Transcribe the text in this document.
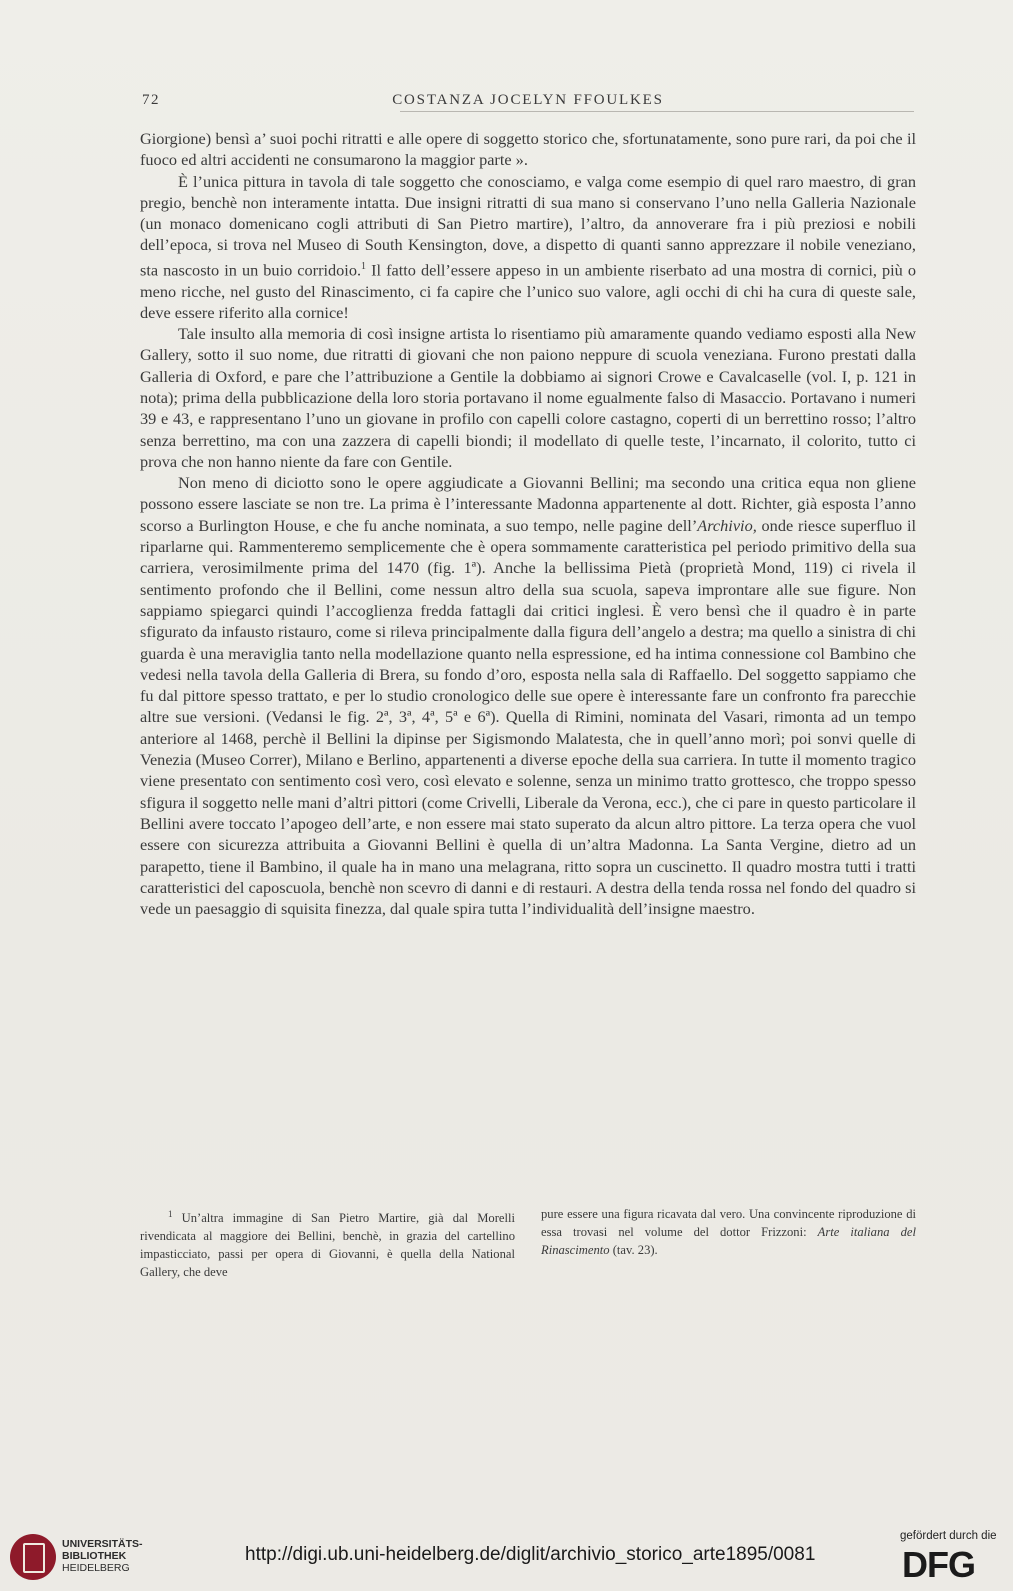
72	COSTANZA JOCELYN FFOULKES

Giorgione) bensì a’ suoi pochi ritratti e alle opere di soggetto storico che, sfortunatamente, sono pure rari, da poi che il fuoco ed altri accidenti ne consumarono la maggior parte ».

È l’unica pittura in tavola di tale soggetto che conosciamo, e valga come esempio di quel raro maestro, di gran pregio, benchè non interamente intatta. Due insigni ritratti di sua mano si conservano l’uno nella Galleria Nazionale (un monaco domenicano cogli attributi di San Pietro martire), l’altro, da annoverare fra i più preziosi e nobili dell’epoca, si trova nel Museo di South Kensington, dove, a dispetto di quanti sanno apprezzare il nobile veneziano, sta nascosto in un buio corridoio.$^1$ Il fatto dell’essere appeso in un ambiente riserbato ad una mostra di cornici, più o meno ricche, nel gusto del Rinascimento, ci fa capire che l’unico suo valore, agli occhi di chi ha cura di queste sale, deve essere riferito alla cornice!

Tale insulto alla memoria di così insigne artista lo risentiamo più amaramente quando vediamo esposti alla New Gallery, sotto il suo nome, due ritratti di giovani che non paiono neppure di scuola veneziana. Furono prestati dalla Galleria di Oxford, e pare che l’attribuzione a Gentile la dobbiamo ai signori Crowe e Cavalcaselle (vol. I, p. 121 in nota); prima della pubblicazione della loro storia portavano il nome egualmente falso di Masaccio. Portavano i numeri 39 e 43, e rappresentano l’uno un giovane in profilo con capelli colore castagno, coperti di un berrettino rosso; l’altro senza berrettino, ma con una zazzera di capelli biondi; il modellato di quelle teste, l’incarnato, il colorito, tutto ci prova che non hanno niente da fare con Gentile.

Non meno di diciotto sono le opere aggiudicate a Giovanni Bellini; ma secondo una critica equa non gliene possono essere lasciate se non tre. La prima è l’interessante Madonna appartenente al dott. Richter, già esposta l’anno scorso a Burlington House, e che fu anche nominata, a suo tempo, nelle pagine dell’Archivio, onde riesce superfluo il riparlarne qui. Rammenteremo semplicemente che è opera sommamente caratteristica pel periodo primitivo della sua carriera, verosimilmente prima del 1470 (fig. 1ª). Anche la bellissima Pietà (proprietà Mond, 119) ci rivela il sentimento profondo che il Bellini, come nessun altro della sua scuola, sapeva improntare alle sue figure. Non sappiamo spiegarci quindi l’accoglienza fredda fattagli dai critici inglesi. È vero bensì che il quadro è in parte sfigurato da infausto ristauro, come si rileva principalmente dalla figura dell’angelo a destra; ma quello a sinistra di chi guarda è una meraviglia tanto nella modellazione quanto nella espressione, ed ha intima connessione col Bambino che vedesi nella tavola della Galleria di Brera, su fondo d’oro, esposta nella sala di Raffaello. Del soggetto sappiamo che fu dal pittore spesso trattato, e per lo studio cronologico delle sue opere è interessante fare un confronto fra parecchie altre sue versioni. (Vedansi le fig. 2ª, 3ª, 4ª, 5ª e 6ª). Quella di Rimini, nominata del Vasari, rimonta ad un tempo anteriore al 1468, perchè il Bellini la dipinse per Sigismondo Malatesta, che in quell’anno morì; poi sonvi quelle di Venezia (Museo Correr), Milano e Berlino, appartenenti a diverse epoche della sua carriera. In tutte il momento tragico viene presentato con sentimento così vero, così elevato e solenne, senza un minimo tratto grottesco, che troppo spesso sfigura il soggetto nelle mani d’altri pittori (come Crivelli, Liberale da Verona, ecc.), che ci pare in questo particolare il Bellini avere toccato l’apogeo dell’arte, e non essere mai stato superato da alcun altro pittore. La terza opera che vuol essere con sicurezza attribuita a Giovanni Bellini è quella di un’altra Madonna. La Santa Vergine, dietro ad un parapetto, tiene il Bambino, il quale ha in mano una melagrana, ritto sopra un cuscinetto. Il quadro mostra tutti i tratti caratteristici del caposcuola, benchè non scevro di danni e di restauri. A destra della tenda rossa nel fondo del quadro si vede un paesaggio di squisita finezza, dal quale spira tutta l’individualità dell’insigne maestro.

$^1$ Un’altra immagine di San Pietro Martire, già dal Morelli rivendicata al maggiore dei Bellini, benchè, in grazia del cartellino impasticciato, passi per opera di Giovanni, è quella della National Gallery, che deve

pure essere una figura ricavata dal vero. Una convincente riproduzione di essa trovasi nel volume del dottor Frizzoni: Arte italiana del Rinascimento (tav. 23).

UNIVERSITÄTS-
BIBLIOTHEK
HEIDELBERG
http://digi.ub.uni-heidelberg.de/diglit/archivio_storico_arte1895/0081
gefördert durch die
DFG
